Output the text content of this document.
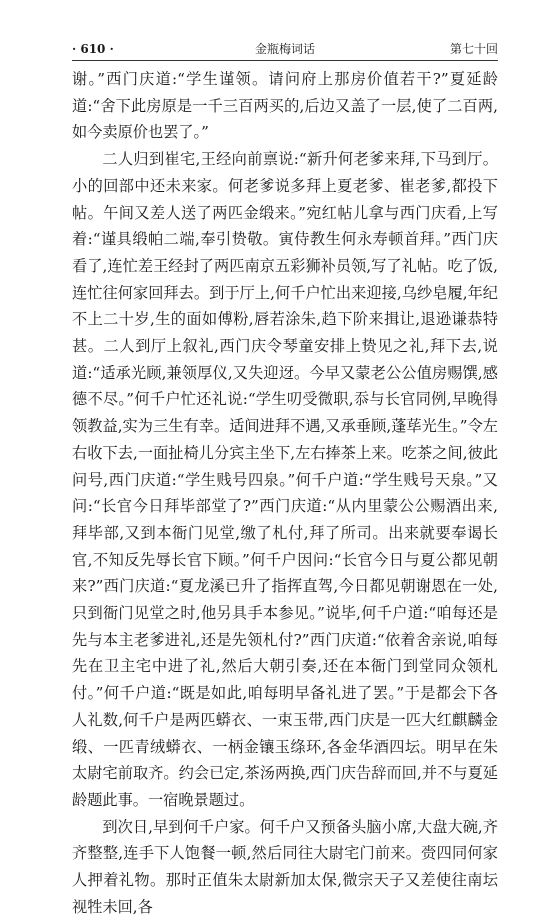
· 610 ·	金瓶梅词话	第七十回

谢。”西门庆道:“学生谨领。请问府上那房价值若干?”夏延龄道:“舍下此房原是一千三百两买的,后边又盖了一层,使了二百两,如今卖原价也罢了。”

二人归到崔宅,王经向前禀说:“新升何老爹来拜,下马到厅。小的回部中还未来家。何老爹说多拜上夏老爹、崔老爹,都投下帖。午间又差人送了两匹金缎来。”宛红帖儿拿与西门庆看,上写着:“谨具缎帕二端,奉引贽敬。寅侍教生何永寿顿首拜。”西门庆看了,连忙差王经封了两匹南京五彩狮补员领,写了礼帖。吃了饭,连忙往何家回拜去。到于厅上,何千户忙出来迎接,乌纱皂履,年纪不上二十岁,生的面如傅粉,唇若涂朱,趋下阶来揖让,退逊谦恭特甚。二人到厅上叙礼,西门庆令琴童安排上贽见之礼,拜下去,说道:“适承光顾,兼领厚仪,又失迎迓。今早又蒙老公公值房赐馔,感德不尽。”何千户忙还礼说:“学生叨受微职,忝与长官同例,早晚得领教益,实为三生有幸。适间进拜不遇,又承垂顾,蓬荜光生。”令左右收下去,一面扯椅儿分宾主坐下,左右捧茶上来。吃茶之间,彼此问号,西门庆道:“学生贱号四泉。”何千户道:“学生贱号天泉。”又问:“长官今日拜毕部堂了?”西门庆道:“从内里蒙公公赐酒出来,拜毕部,又到本衙门见堂,缴了札付,拜了所司。出来就要奉谒长官,不知反先辱长官下顾。”何千户因问:“长官今日与夏公都见朝来?”西门庆道:“夏龙溪已升了指挥直驾,今日都见朝谢恩在一处,只到衙门见堂之时,他另具手本参见。”说毕,何千户道:“咱每还是先与本主老爹进礼,还是先领札付?”西门庆道:“依着舍亲说,咱每先在卫主宅中进了礼,然后大朝引奏,还在本衙门到堂同众领札付。”何千户道:“既是如此,咱每明早备礼进了罢。”于是都会下各人礼数,何千户是两匹蟒衣、一束玉带,西门庆是一匹大红麒麟金缎、一匹青绒蟒衣、一柄金镶玉绦环,各金华酒四坛。明早在朱太尉宅前取齐。约会已定,茶汤两换,西门庆告辞而回,并不与夏延龄题此事。一宿晚景题过。

到次日,早到何千户家。何千户又预备头脑小席,大盘大碗,齐齐整整,连手下人饱餐一顿,然后同往大尉宅门前来。赍四同何家人押着礼物。那时正值朱太尉新加太保,微宗天子又差使往南坛视牲未回,各
